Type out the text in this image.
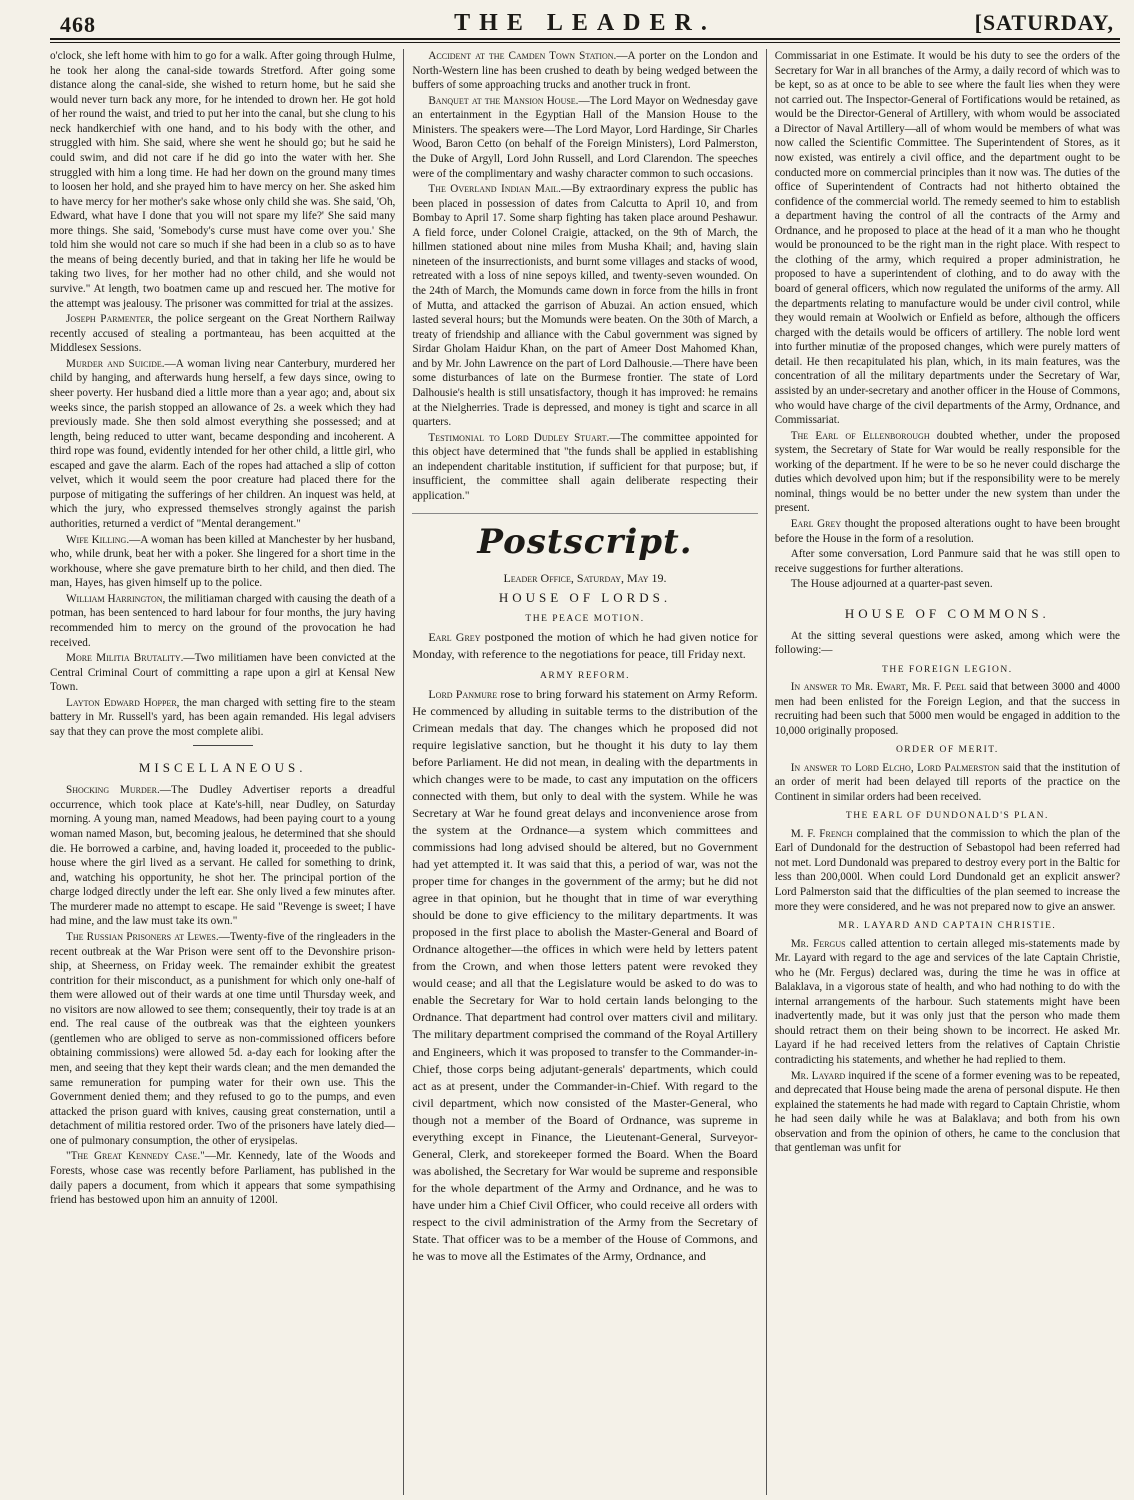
468	THE LEADER.	[SATURDAY,

o'clock, she left home with him to go for a walk. After going through Hulme, he took her along the canal-side towards Stretford. After going some distance along the canal-side, she wished to return home, but he said she would never turn back any more, for he intended to drown her. He got hold of her round the waist, and tried to put her into the canal, but she clung to his neck handkerchief with one hand, and to his body with the other, and struggled with him. She said, where she went he should go; but he said he could swim, and did not care if he did go into the water with her. She struggled with him a long time. He had her down on the ground many times to loosen her hold, and she prayed him to have mercy on her. She asked him to have mercy for her mother's sake whose only child she was. She said, 'Oh, Edward, what have I done that you will not spare my life?' She said many more things. She said, 'Somebody's curse must have come over you.' She told him she would not care so much if she had been in a club so as to have the means of being decently buried, and that in taking her life he would be taking two lives, for her mother had no other child, and she would not survive." At length, two boatmen came up and rescued her. The motive for the attempt was jealousy. The prisoner was committed for trial at the assizes.

Joseph Parmenter, the police sergeant on the Great Northern Railway recently accused of stealing a portmanteau, has been acquitted at the Middlesex Sessions.

Murder and Suicide.—A woman living near Canterbury, murdered her child by hanging, and afterwards hung herself, a few days since, owing to sheer poverty. Her husband died a little more than a year ago; and, about six weeks since, the parish stopped an allowance of 2s. a week which they had previously made. She then sold almost everything she possessed; and at length, being reduced to utter want, became desponding and incoherent. A third rope was found, evidently intended for her other child, a little girl, who escaped and gave the alarm. Each of the ropes had attached a slip of cotton velvet, which it would seem the poor creature had placed there for the purpose of mitigating the sufferings of her children. An inquest was held, at which the jury, who expressed themselves strongly against the parish authorities, returned a verdict of "Mental derangement."

Wife Killing.—A woman has been killed at Manchester by her husband, who, while drunk, beat her with a poker. She lingered for a short time in the workhouse, where she gave premature birth to her child, and then died. The man, Hayes, has given himself up to the police.

William Harrington, the militiaman charged with causing the death of a potman, has been sentenced to hard labour for four months, the jury having recommended him to mercy on the ground of the provocation he had received.

More Militia Brutality.—Two militiamen have been convicted at the Central Criminal Court of committing a rape upon a girl at Kensal New Town.

Layton Edward Hopper, the man charged with setting fire to the steam battery in Mr. Russell's yard, has been again remanded. His legal advisers say that they can prove the most complete alibi.

MISCELLANEOUS.

Shocking Murder.—The Dudley Advertiser reports a dreadful occurrence, which took place at Kate's-hill, near Dudley, on Saturday morning. A young man, named Meadows, had been paying court to a young woman named Mason, but, becoming jealous, he determined that she should die. He borrowed a carbine, and, having loaded it, proceeded to the public-house where the girl lived as a servant. He called for something to drink, and, watching his opportunity, he shot her. The principal portion of the charge lodged directly under the left ear. She only lived a few minutes after. The murderer made no attempt to escape. He said "Revenge is sweet; I have had mine, and the law must take its own."

The Russian Prisoners at Lewes.—Twenty-five of the ringleaders in the recent outbreak at the War Prison were sent off to the Devonshire prison-ship, at Sheerness, on Friday week. The remainder exhibit the greatest contrition for their misconduct, as a punishment for which only one-half of them were allowed out of their wards at one time until Thursday week, and no visitors are now allowed to see them; consequently, their toy trade is at an end. The real cause of the outbreak was that the eighteen younkers (gentlemen who are obliged to serve as non-commissioned officers before obtaining commissions) were allowed 5d. a-day each for looking after the men, and seeing that they kept their wards clean; and the men demanded the same remuneration for pumping water for their own use. This the Government denied them; and they refused to go to the pumps, and even attacked the prison guard with knives, causing great consternation, until a detachment of militia restored order. Two of the prisoners have lately died—one of pulmonary consumption, the other of erysipelas.

"The Great Kennedy Case."—Mr. Kennedy, late of the Woods and Forests, whose case was recently before Parliament, has published in the daily papers a document, from which it appears that some sympathising friend has bestowed upon him an annuity of 1200l.

Accident at the Camden Town Station.—A porter on the London and North-Western line has been crushed to death by being wedged between the buffers of some approaching trucks and another truck in front.

Banquet at the Mansion House.—The Lord Mayor on Wednesday gave an entertainment in the Egyptian Hall of the Mansion House to the Ministers. The speakers were—The Lord Mayor, Lord Hardinge, Sir Charles Wood, Baron Cetto (on behalf of the Foreign Ministers), Lord Palmerston, the Duke of Argyll, Lord John Russell, and Lord Clarendon. The speeches were of the complimentary and washy character common to such occasions.

The Overland Indian Mail.—By extraordinary express the public has been placed in possession of dates from Calcutta to April 10, and from Bombay to April 17. Some sharp fighting has taken place around Peshawur. A field force, under Colonel Craigie, attacked, on the 9th of March, the hillmen stationed about nine miles from Musha Khail; and, having slain nineteen of the insurrectionists, and burnt some villages and stacks of wood, retreated with a loss of nine sepoys killed, and twenty-seven wounded. On the 24th of March, the Momunds came down in force from the hills in front of Mutta, and attacked the garrison of Abuzai. An action ensued, which lasted several hours; but the Momunds were beaten. On the 30th of March, a treaty of friendship and alliance with the Cabul government was signed by Sirdar Gholam Haidur Khan, on the part of Ameer Dost Mahomed Khan, and by Mr. John Lawrence on the part of Lord Dalhousie.—There have been some disturbances of late on the Burmese frontier. The state of Lord Dalhousie's health is still unsatisfactory, though it has improved: he remains at the Nielgherries. Trade is depressed, and money is tight and scarce in all quarters.

Testimonial to Lord Dudley Stuart.—The committee appointed for this object have determined that "the funds shall be applied in establishing an independent charitable institution, if sufficient for that purpose; but, if insufficient, the committee shall again deliberate respecting their application."

Postscript.
Leader Office, Saturday, May 19.
HOUSE OF LORDS.
THE PEACE MOTION.

Earl Grey postponed the motion of which he had given notice for Monday, with reference to the negotiations for peace, till Friday next.

ARMY REFORM.

Lord Panmure rose to bring forward his statement on Army Reform. He commenced by alluding in suitable terms to the distribution of the Crimean medals that day. The changes which he proposed did not require legislative sanction, but he thought it his duty to lay them before Parliament. He did not mean, in dealing with the departments in which changes were to be made, to cast any imputation on the officers connected with them, but only to deal with the system. While he was Secretary at War he found great delays and inconvenience arose from the system at the Ordnance—a system which committees and commissions had long advised should be altered, but no Government had yet attempted it. It was said that this, a period of war, was not the proper time for changes in the government of the army; but he did not agree in that opinion, but he thought that in time of war everything should be done to give efficiency to the military departments. It was proposed in the first place to abolish the Master-General and Board of Ordnance altogether—the offices in which were held by letters patent from the Crown, and when those letters patent were revoked they would cease; and all that the Legislature would be asked to do was to enable the Secretary for War to hold certain lands belonging to the Ordnance. That department had control over matters civil and military. The military department comprised the command of the Royal Artillery and Engineers, which it was proposed to transfer to the Commander-in-Chief, those corps being adjutant-generals' departments, which could act as at present, under the Commander-in-Chief. With regard to the civil department, which now consisted of the Master-General, who though not a member of the Board of Ordnance, was supreme in everything except in Finance, the Lieutenant-General, Surveyor-General, Clerk, and storekeeper formed the Board. When the Board was abolished, the Secretary for War would be supreme and responsible for the whole department of the Army and Ordnance, and he was to have under him a Chief Civil Officer, who could receive all orders with respect to the civil administration of the Army from the Secretary of State. That officer was to be a member of the House of Commons, and he was to move all the Estimates of the Army, Ordnance, and

Commissariat in one Estimate. It would be his duty to see the orders of the Secretary for War in all branches of the Army, a daily record of which was to be kept, so as at once to be able to see where the fault lies when they were not carried out. The Inspector-General of Fortifications would be retained, as would be the Director-General of Artillery, with whom would be associated a Director of Naval Artillery—all of whom would be members of what was now called the Scientific Committee. The Superintendent of Stores, as it now existed, was entirely a civil office, and the department ought to be conducted more on commercial principles than it now was. The duties of the office of Superintendent of Contracts had not hitherto obtained the confidence of the commercial world. The remedy seemed to him to establish a department having the control of all the contracts of the Army and Ordnance, and he proposed to place at the head of it a man who he thought would be pronounced to be the right man in the right place. With respect to the clothing of the army, which required a proper administration, he proposed to have a superintendent of clothing, and to do away with the board of general officers, which now regulated the uniforms of the army. All the departments relating to manufacture would be under civil control, while they would remain at Woolwich or Enfield as before, although the officers charged with the details would be officers of artillery. The noble lord went into further minutiæ of the proposed changes, which were purely matters of detail. He then recapitulated his plan, which, in its main features, was the concentration of all the military departments under the Secretary of War, assisted by an under-secretary and another officer in the House of Commons, who would have charge of the civil departments of the Army, Ordnance, and Commissariat.

The Earl of Ellenborough doubted whether, under the proposed system, the Secretary of State for War would be really responsible for the working of the department. If he were to be so he never could discharge the duties which devolved upon him; but if the responsibility were to be merely nominal, things would be no better under the new system than under the present.

Earl Grey thought the proposed alterations ought to have been brought before the House in the form of a resolution.

After some conversation, Lord Panmure said that he was still open to receive suggestions for further alterations.

The House adjourned at a quarter-past seven.

HOUSE OF COMMONS.

At the sitting several questions were asked, among which were the following:—

THE FOREIGN LEGION.

In answer to Mr. Ewart, Mr. F. Peel said that between 3000 and 4000 men had been enlisted for the Foreign Legion, and that the success in recruiting had been such that 5000 men would be engaged in addition to the 10,000 originally proposed.

ORDER OF MERIT.

In answer to Lord Elcho, Lord Palmerston said that the institution of an order of merit had been delayed till reports of the practice on the Continent in similar orders had been received.

THE EARL OF DUNDONALD'S PLAN.

M. F. French complained that the commission to which the plan of the Earl of Dundonald for the destruction of Sebastopol had been referred had not met. Lord Dundonald was prepared to destroy every port in the Baltic for less than 200,000l. When could Lord Dundonald get an explicit answer? Lord Palmerston said that the difficulties of the plan seemed to increase the more they were considered, and he was not prepared now to give an answer.

MR. LAYARD AND CAPTAIN CHRISTIE.

Mr. Fergus called attention to certain alleged mis-statements made by Mr. Layard with regard to the age and services of the late Captain Christie, who he (Mr. Fergus) declared was, during the time he was in office at Balaklava, in a vigorous state of health, and who had nothing to do with the internal arrangements of the harbour. Such statements might have been inadvertently made, but it was only just that the person who made them should retract them on their being shown to be incorrect. He asked Mr. Layard if he had received letters from the relatives of Captain Christie contradicting his statements, and whether he had replied to them.

Mr. Layard inquired if the scene of a former evening was to be repeated, and deprecated that House being made the arena of personal dispute. He then explained the statements he had made with regard to Captain Christie, whom he had seen daily while he was at Balaklava; and both from his own observation and from the opinion of others, he came to the conclusion that that gentleman was unfit for
